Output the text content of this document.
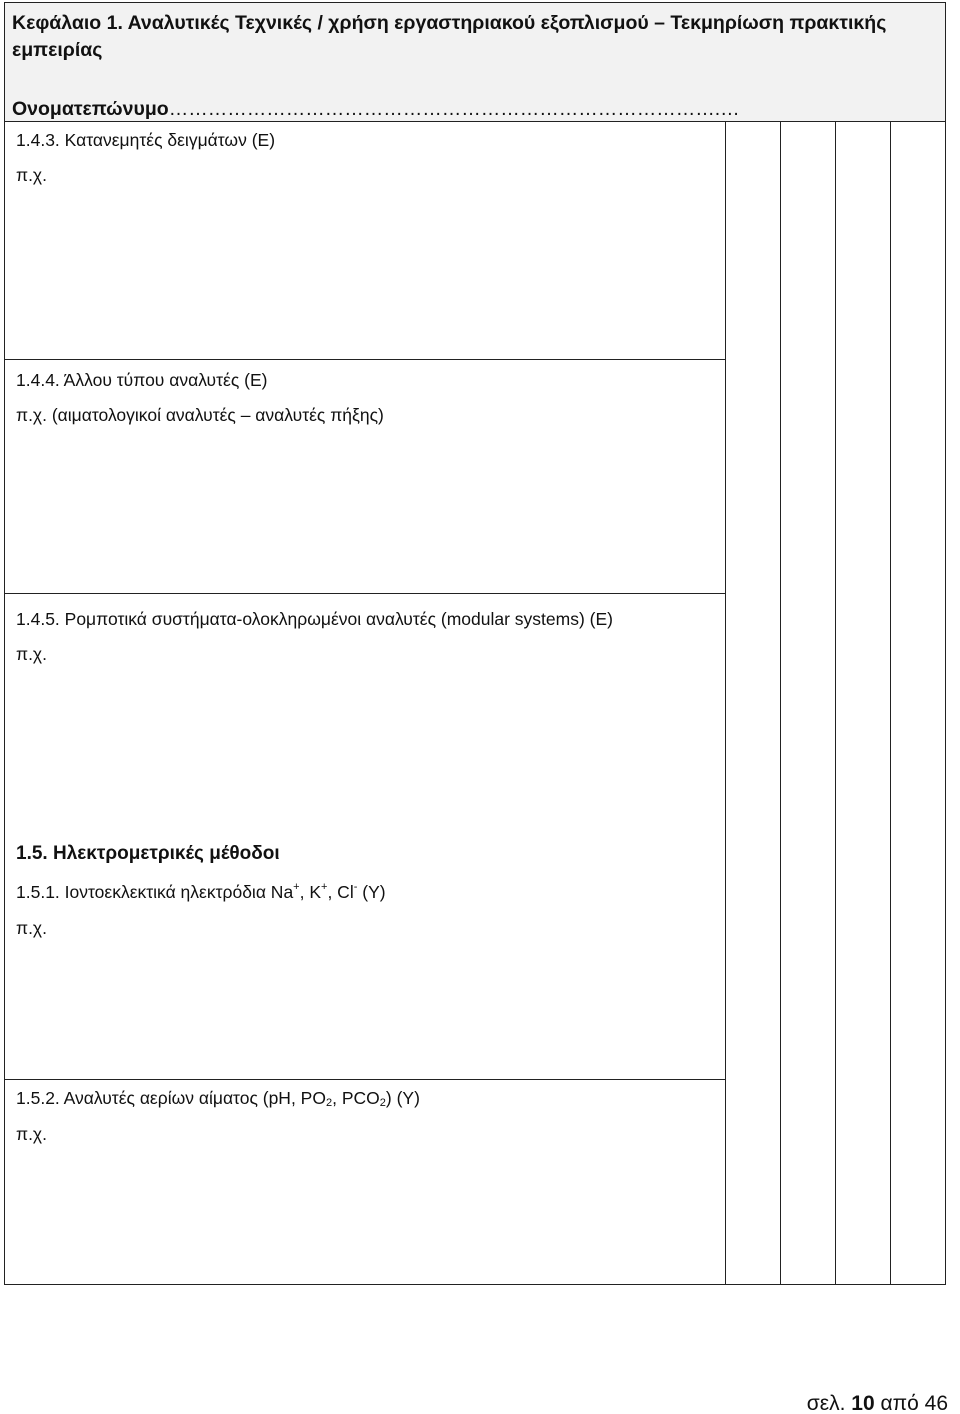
Κεφάλαιο 1. Αναλυτικές Τεχνικές / χρήση εργαστηριακού εξοπλισμού – Τεκμηρίωση πρακτικής εμπειρίας
Ονοματεπώνυμο………………………………………………………………………….…
1.4.3. Κατανεμητές δειγμάτων (Ε)
π.χ.
1.4.4. Άλλου τύπου αναλυτές (Ε)
π.χ. (αιματολογικοί αναλυτές – αναλυτές πήξης)
1.4.5. Ρομποτικά συστήματα-ολοκληρωμένοι αναλυτές (modular systems) (Ε)
π.χ.
1.5. Ηλεκτρομετρικές μέθοδοι
1.5.1. Ιοντοεκλεκτικά ηλεκτρόδια Na+, K+, Cl- (Υ)
π.χ.
1.5.2. Αναλυτές αερίων αίματος (pH, $PO_2$, $PCO_2$) (Υ)
π.χ.
σελ. 10 από 46
